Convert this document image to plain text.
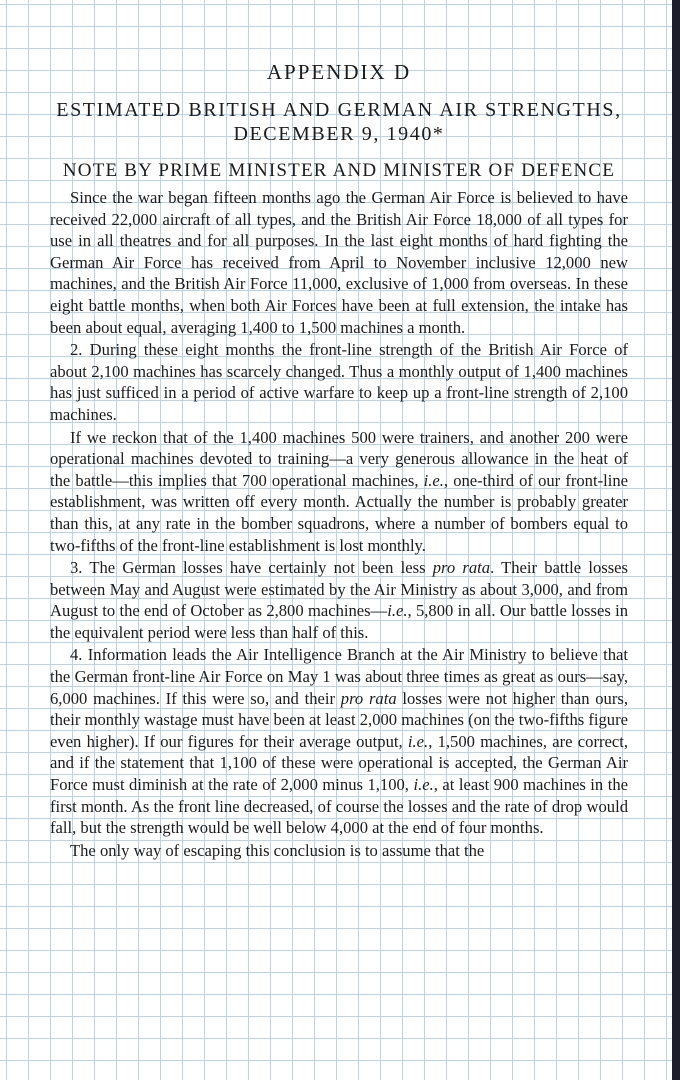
APPENDIX D
ESTIMATED BRITISH AND GERMAN AIR STRENGTHS, DECEMBER 9, 1940*
NOTE BY PRIME MINISTER AND MINISTER OF DEFENCE

Since the war began fifteen months ago the German Air Force is believed to have received 22,000 aircraft of all types, and the British Air Force 18,000 of all types for use in all theatres and for all purposes. In the last eight months of hard fighting the German Air Force has received from April to November inclusive 12,000 new machines, and the British Air Force 11,000, exclusive of 1,000 from overseas. In these eight battle months, when both Air Forces have been at full extension, the intake has been about equal, averaging 1,400 to 1,500 machines a month.

2. During these eight months the front-line strength of the British Air Force of about 2,100 machines has scarcely changed. Thus a monthly output of 1,400 machines has just sufficed in a period of active warfare to keep up a front-line strength of 2,100 machines.

If we reckon that of the 1,400 machines 500 were trainers, and another 200 were operational machines devoted to training—a very generous allowance in the heat of the battle—this implies that 700 operational machines, i.e., one-third of our front-line establishment, was written off every month. Actually the number is probably greater than this, at any rate in the bomber squadrons, where a number of bombers equal to two-fifths of the front-line establishment is lost monthly.

3. The German losses have certainly not been less pro rata. Their battle losses between May and August were estimated by the Air Ministry as about 3,000, and from August to the end of October as 2,800 machines—i.e., 5,800 in all. Our battle losses in the equivalent period were less than half of this.

4. Information leads the Air Intelligence Branch at the Air Ministry to believe that the German front-line Air Force on May 1 was about three times as great as ours—say, 6,000 machines. If this were so, and their pro rata losses were not higher than ours, their monthly wastage must have been at least 2,000 machines (on the two-fifths figure even higher). If our figures for their average output, i.e., 1,500 machines, are correct, and if the statement that 1,100 of these were operational is accepted, the German Air Force must diminish at the rate of 2,000 minus 1,100, i.e., at least 900 machines in the first month. As the front line decreased, of course the losses and the rate of drop would fall, but the strength would be well below 4,000 at the end of four months.

The only way of escaping this conclusion is to assume that the
